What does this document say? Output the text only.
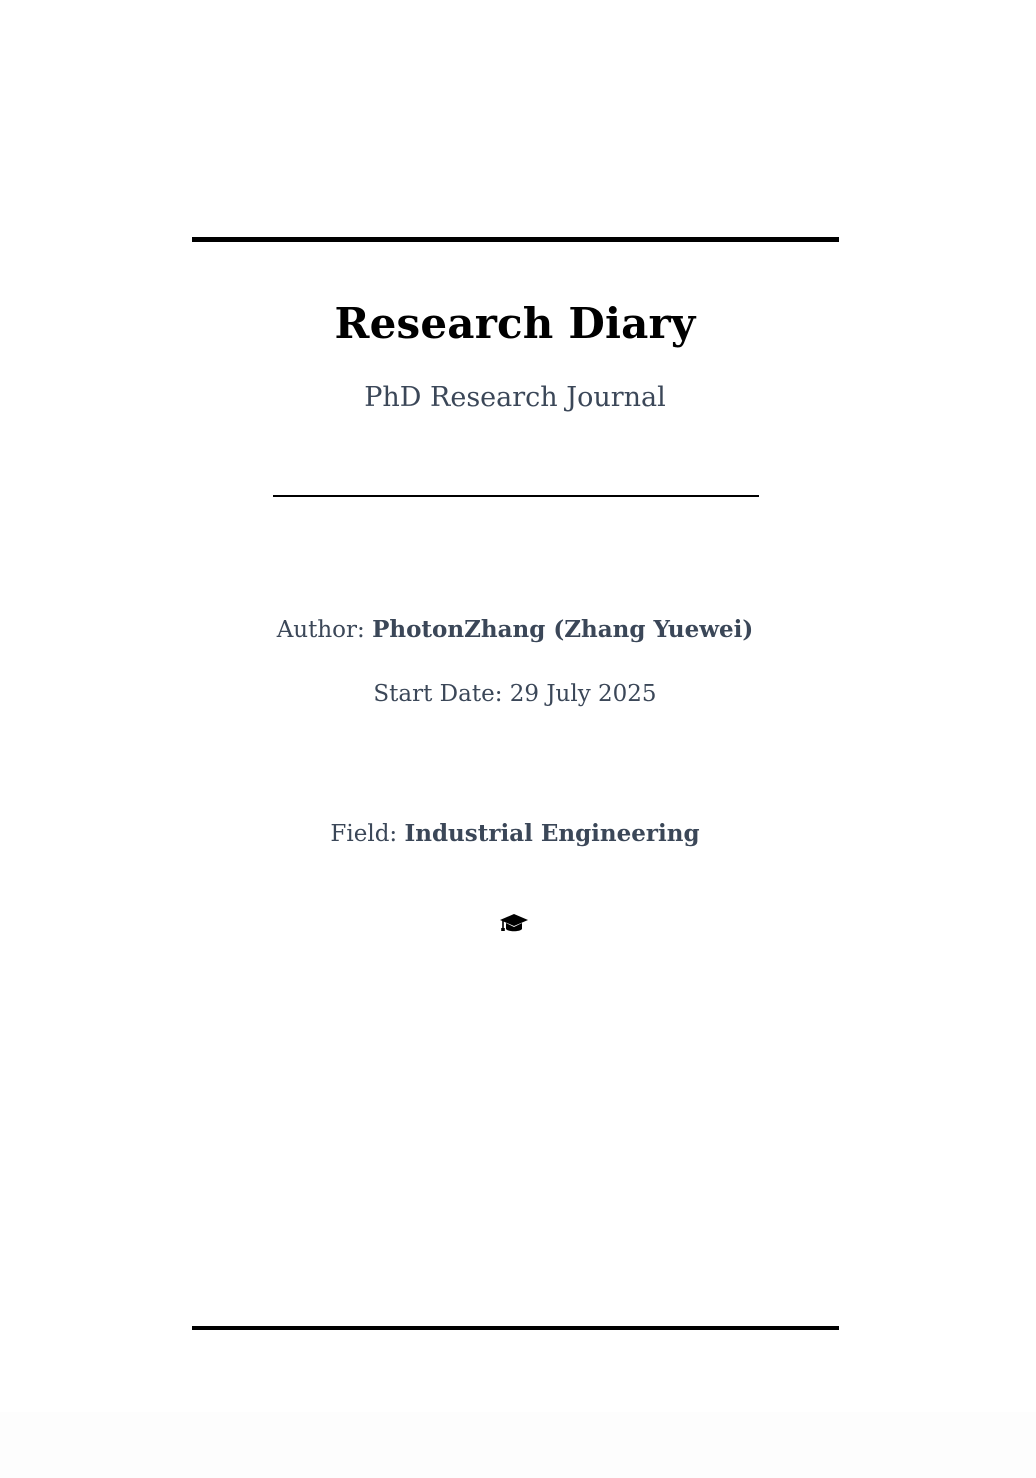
Research Diary
PhD Research Journal
Author: PhotonZhang (Zhang Yuewei)
Start Date: 29 July 2025
Field: Industrial Engineering
